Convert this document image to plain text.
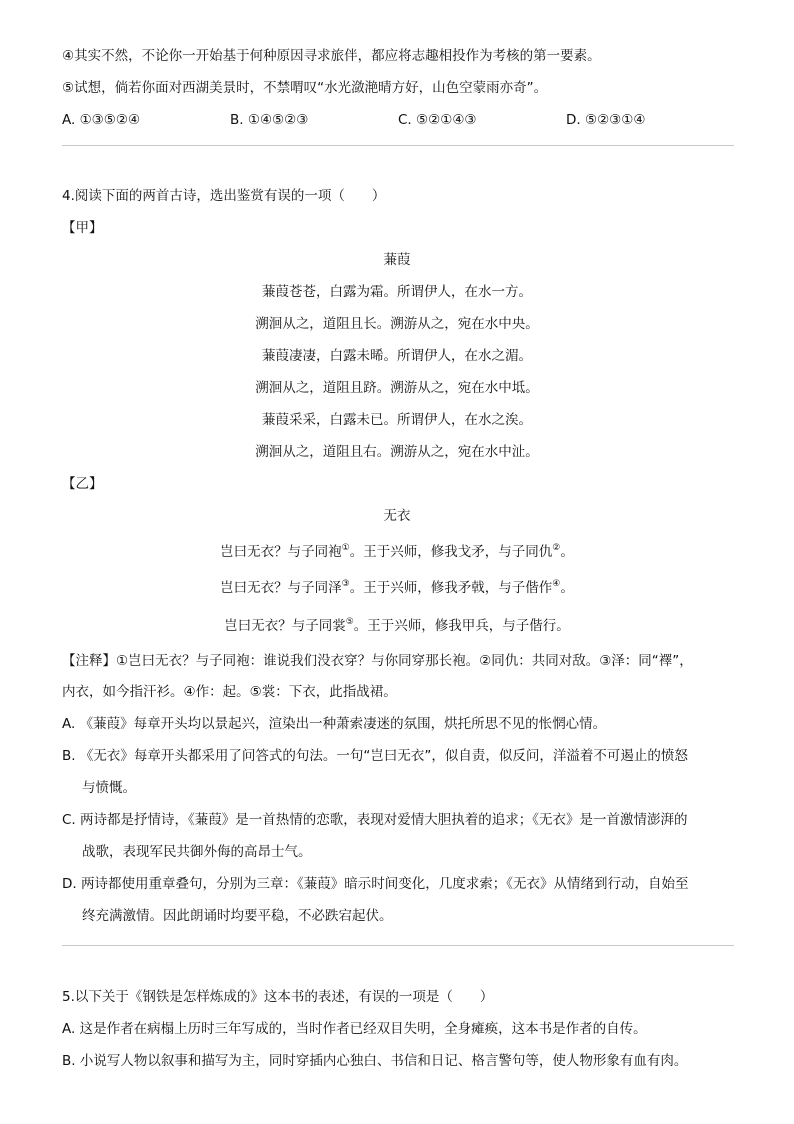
④其实不然，不论你一开始基于何种原因寻求旅伴，都应将志趣相投作为考核的第一要素。
⑤试想，倘若你面对西湖美景时，不禁喟叹“水光潋滟晴方好，山色空蒙雨亦奇”。
A. ①③⑤②④	B. ①④⑤②③	C. ⑤②①④③	D. ⑤②③①④
4.阅读下面的两首古诗，选出鉴赏有误的一项（　　）
【甲】
蒹葭
蒹葭苍苍，白露为霜。所谓伊人，在水一方。
溯洄从之，道阻且长。溯游从之，宛在水中央。
蒹葭凄凄，白露未晞。所谓伊人，在水之湄。
溯洄从之，道阻且跻。溯游从之，宛在水中坻。
蒹葭采采，白露未已。所谓伊人，在水之涘。
溯洄从之，道阻且右。溯游从之，宛在水中沚。
【乙】
无衣
岂曰无衣？与子同袍①。王于兴师，修我戈矛，与子同仇②。
岂曰无衣？与子同泽③。王于兴师，修我矛戟，与子偕作④。
岂曰无衣？与子同裳⑤。王于兴师，修我甲兵，与子偕行。
【注释】①岂曰无衣？与子同袍：谁说我们没衣穿？与你同穿那长袍。②同仇：共同对敌。③泽：同“襗”，
内衣，如今指汗衫。④作：起。⑤裳：下衣，此指战裙。
A. 《蒹葭》每章开头均以景起兴，渲染出一种萧索凄迷的氛围，烘托所思不见的怅惘心情。
B. 《无衣》每章开头都采用了问答式的句法。一句“岂曰无衣”，似自责，似反问，洋溢着不可遏止的愤怒
与愤慨。
C. 两诗都是抒情诗，《蒹葭》是一首热情的恋歌，表现对爱情大胆执着的追求；《无衣》是一首激情澎湃的
战歌，表现军民共御外侮的高昂士气。
D. 两诗都使用重章叠句，分别为三章：《蒹葭》暗示时间变化，几度求索；《无衣》从情绪到行动，自始至
终充满激情。因此朗诵时均要平稳，不必跌宕起伏。
5.以下关于《钢铁是怎样炼成的》这本书的表述，有误的一项是（　　）
A. 这是作者在病榻上历时三年写成的，当时作者已经双目失明，全身瘫痪，这本书是作者的自传。
B. 小说写人物以叙事和描写为主，同时穿插内心独白、书信和日记、格言警句等，使人物形象有血有肉。
